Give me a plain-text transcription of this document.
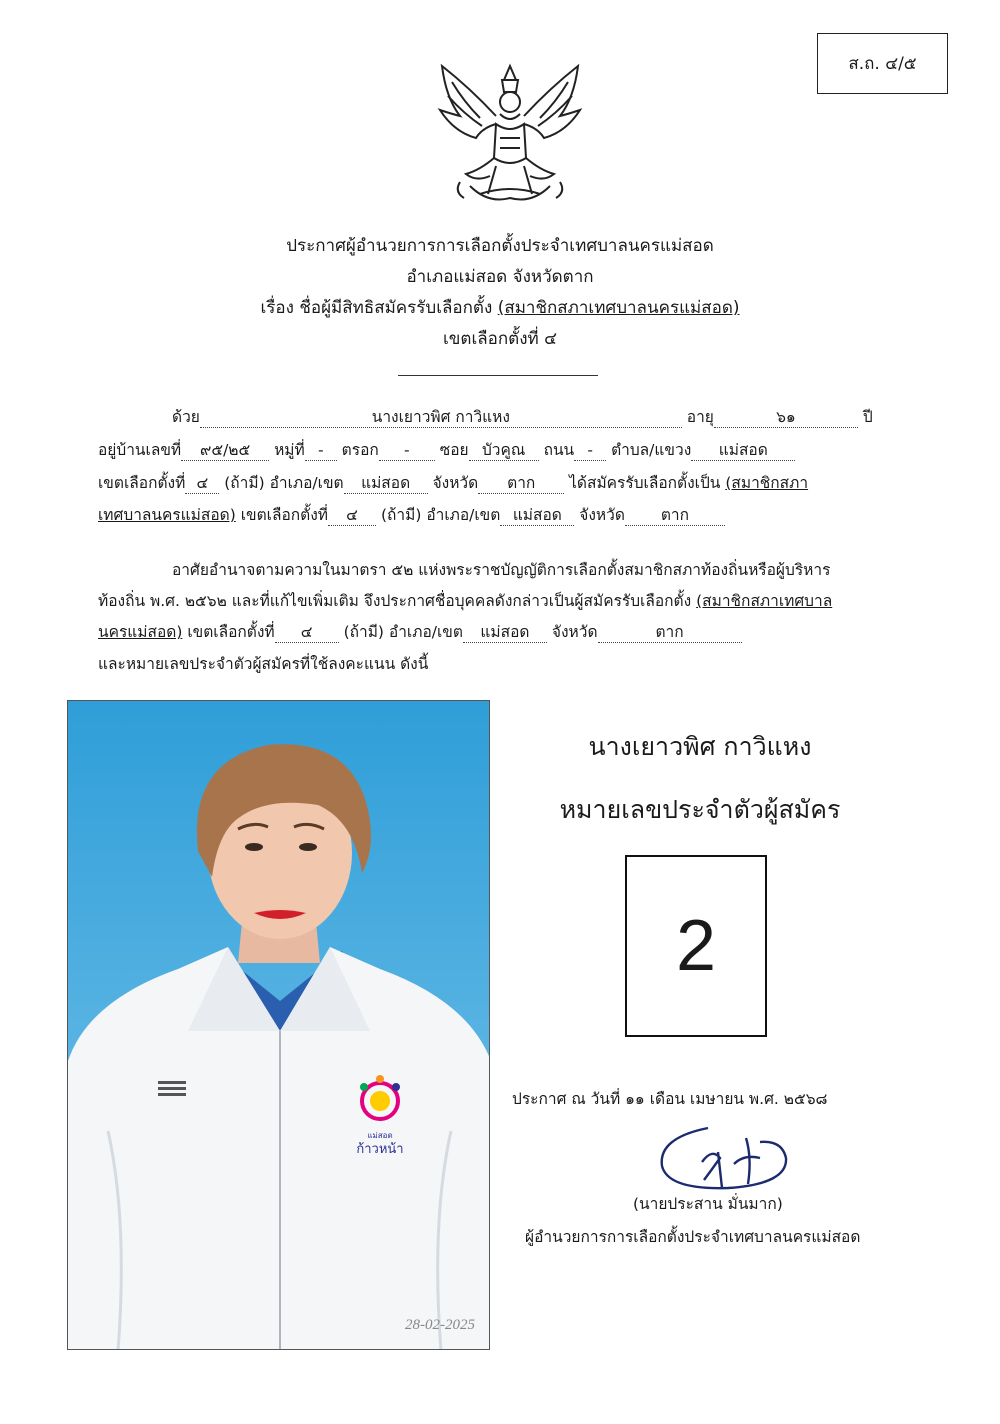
ส.ถ. ๔/๕
ประกาศผู้อำนวยการการเลือกตั้งประจำเทศบาลนครแม่สอด
อำเภอแม่สอด จังหวัดตาก
เรื่อง ชื่อผู้มีสิทธิสมัครรับเลือกตั้ง (สมาชิกสภาเทศบาลนครแม่สอด)
เขตเลือกตั้งที่ ๔
ด้วย	นางเยาวพิศ กาวิแหง	อายุ	๖๑	ปี
อยู่บ้านเลขที่ ๙๕/๒๕ หมู่ที่ - ตรอก - ซอย บัวคูณ ถนน - ตำบล/แขวง แม่สอด
เขตเลือกตั้งที่ ๔ (ถ้ามี) อำเภอ/เขต แม่สอด จังหวัด ตาก ได้สมัครรับเลือกตั้งเป็น (สมาชิกสภา
เทศบาลนครแม่สอด) เขตเลือกตั้งที่ ๔ (ถ้ามี) อำเภอ/เขต แม่สอด จังหวัด ตาก
อาศัยอำนาจตามความในมาตรา ๕๒ แห่งพระราชบัญญัติการเลือกตั้งสมาชิกสภาท้องถิ่นหรือผู้บริหาร
ท้องถิ่น พ.ศ. ๒๕๖๒ และที่แก้ไขเพิ่มเติม จึงประกาศชื่อบุคคลดังกล่าวเป็นผู้สมัครรับเลือกตั้ง (สมาชิกสภาเทศบาล
นครแม่สอด) เขตเลือกตั้งที่ ๔ (ถ้ามี) อำเภอ/เขต แม่สอด จังหวัด	ตาก
และหมายเลขประจำตัวผู้สมัครที่ใช้ลงคะแนน ดังนี้
แม่สอด
ก้าวหน้า
28-02-2025
นางเยาวพิศ กาวิแหง
หมายเลขประจำตัวผู้สมัคร
2
ประกาศ ณ วันที่ ๑๑ เดือน เมษายน พ.ศ. ๒๕๖๘
(นายประสาน มั่นมาก)
ผู้อำนวยการการเลือกตั้งประจำเทศบาลนครแม่สอด
